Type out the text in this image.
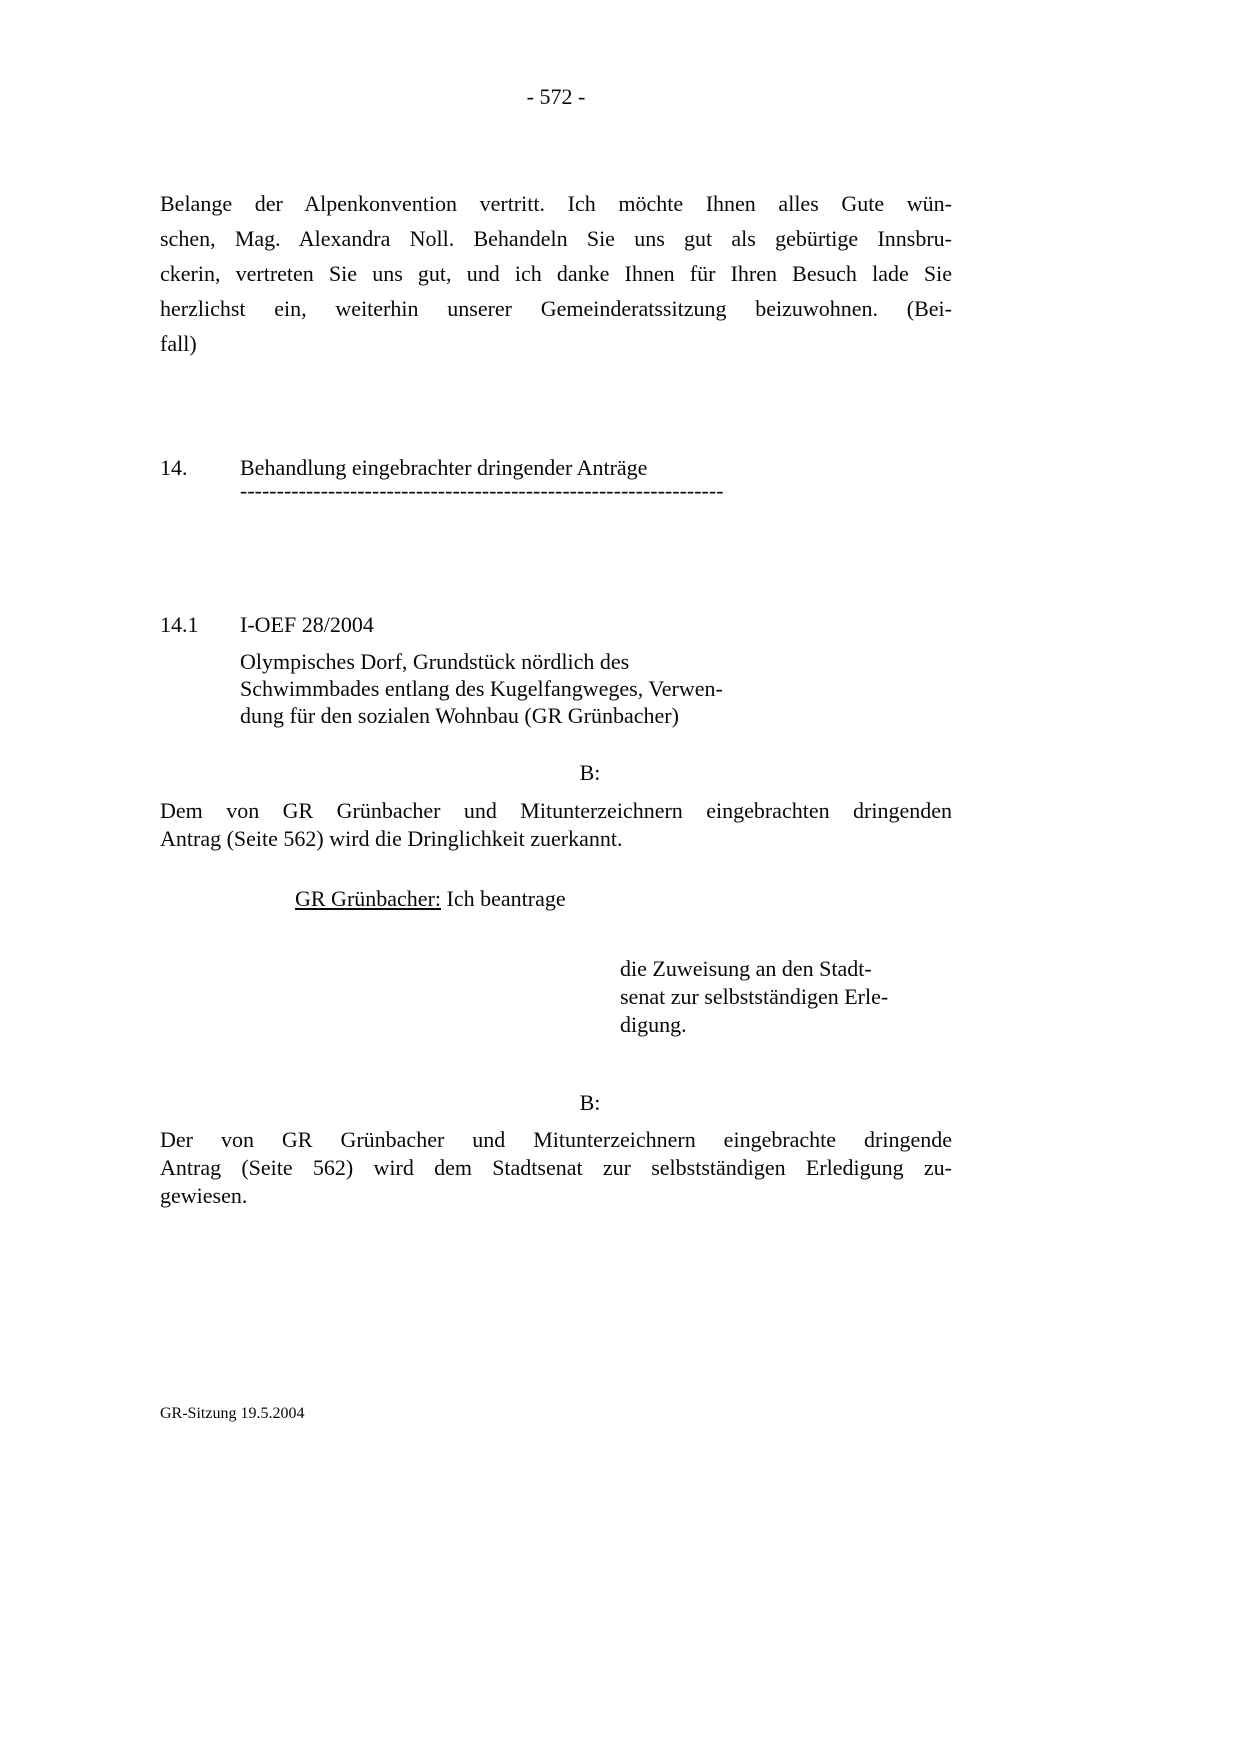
- 572 -
Belange der Alpenkonvention vertritt. Ich möchte Ihnen alles Gute wün-
schen, Mag. Alexandra Noll. Behandeln Sie uns gut als gebürtige Innsbru-
ckerin, vertreten Sie uns gut, und ich danke Ihnen für Ihren Besuch lade Sie
herzlichst ein, weiterhin unserer Gemeinderatssitzung beizuwohnen. (Bei-
fall)
14. Behandlung eingebrachter dringender Anträge
------------------------------------------------------------------
14.1 I-OEF 28/2004
Olympisches Dorf, Grundstück nördlich des
Schwimmbades entlang des Kugelfangweges, Verwen-
dung für den sozialen Wohnbau (GR Grünbacher)
B:
Dem von GR Grünbacher und Mitunterzeichnern eingebrachten dringenden
Antrag (Seite 562) wird die Dringlichkeit zuerkannt.
GR Grünbacher: Ich beantrage
die Zuweisung an den Stadt-
senat zur selbstständigen Erle-
digung.
B:
Der von GR Grünbacher und Mitunterzeichnern eingebrachte dringende
Antrag (Seite 562) wird dem Stadtsenat zur selbstständigen Erledigung zu-
gewiesen.
GR-Sitzung 19.5.2004
